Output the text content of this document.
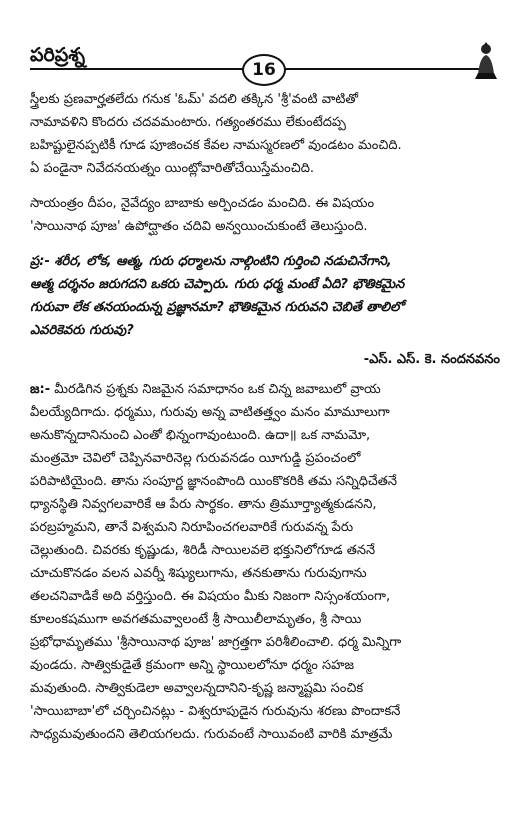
పరిప్రశ్న
16

స్త్రీలకు ప్రణవార్హతలేదు గనుక 'ఓమ్' వదలి తక్కిన 'శ్రీ'వంటి వాటితో
నామావళిని కొందరు చదవమంటారు. గత్యంతరము లేకుంటేదప్ప
బహిష్టులైనప్పటికీ గూడ పూజించక కేవల నామస్మరణలో వుండటం మంచిది.
ఏ పండైనా నివేదనయత్నం యింట్లోవారితోచేయిస్తేమంచిది.

సాయంత్రం దీపం, నైవేద్యం బాబాకు అర్పించడం మంచిది. ఈ విషయం
'సాయినాథ పూజ' ఉపోద్ఘాతం చదివి అన్వయించుకుంటే తెలుస్తుంది.

ప్ర:- శరీర, లోక, ఆత్మ, గురు ధర్మాలను నాల్గింటిని గుర్తించి నడుచినేగాని,
ఆత్మ దర్శనం జరుగదని ఒకరు చెప్పారు. గురు ధర్మ మంటే ఏది? భౌతికమైన
గురువా లేక తనయందున్న ప్రజ్ఞానమా? భౌతికమైన గురువని చెబితే తాలిలో
ఎవరికెవరు గురువు?

-ఎస్. ఎస్. కె. నందనవనం

జ:- మీరడిగిన ప్రశ్నకు నిజమైన సమాధానం ఒక చిన్న జవాబులో వ్రాయ
వీలయ్యేదిగాదు. ధర్మము, గురువు అన్న వాటితత్త్వం మనం మామూలుగా
అనుకొన్నదానినుంచి ఎంతో భిన్నంగావుంటుంది. ఉదా॥ ఒక నామమో,
మంత్రమో చెవిలో చెప్పినవారినెల్ల గురువనడం యీగుడ్డి ప్రపంచంలో
పరిపాటియైంది. తాను సంపూర్ణ జ్ఞానంపొంది యింకొకరికి తమ సన్నిధిచేతనే
ధ్యానస్థితి నివ్వగలవారికే ఆ పేరు సార్థకం. తాను త్రిమూర్త్యాత్మకుడనని,
పరబ్రహ్మమని, తానే విశ్వమని నిరూపించగలవారికే గురువన్న పేరు
చెల్లుతుంది. చివరకు కృష్ణుడు, శిరిడీ సాయిలవలె భక్తునిలోగూడ తననే
చూచుకొనడం వలన ఎవర్నీ శిష్యులుగాను, తనకుతాను గురువుగాను
తలచనివాడికే అది వర్తిస్తుంది. ఈ విషయం మీకు నిజంగా నిస్సంశయంగా,
కూలంకషముగా అవగతమవ్వాలంటే శ్రీ సాయిలీలామృతం, శ్రీ సాయి
ప్రభోధామృతము 'శ్రీసాయినాథ పూజ' జాగ్రత్తగా పరిశీలించాలి. ధర్మ మిన్నిగా
వుండదు. సాత్వికుడైతే క్రమంగా అన్ని స్థాయిలలోనూ ధర్మం సహజ
మవుతుంది. సాత్వికుడెలా అవ్వాలన్నదానిని-కృష్ణ జన్మాష్టమి సంచిక
'సాయిబాబా'లో చర్చించినట్లు - విశ్వరూపుడైన గురువును శరణు పొందాకనే
సాధ్యమవుతుందని తెలియగలదు. గురువంటే సాయివంటి వారికి మాత్రమే
